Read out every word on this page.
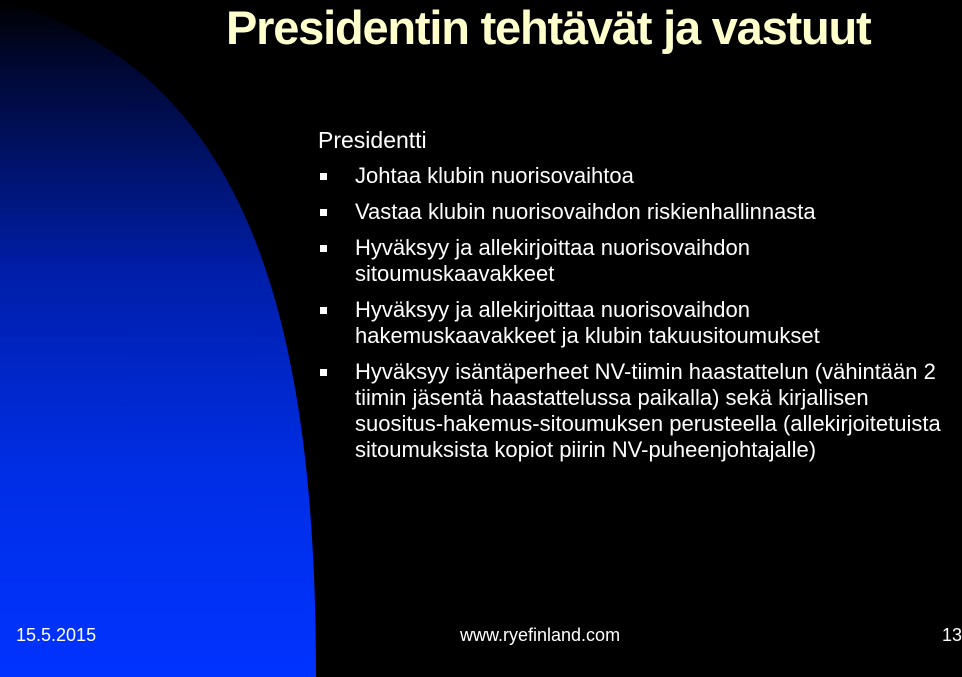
Presidentin tehtävät ja vastuut
Presidentti
Johtaa klubin nuorisovaihtoa
Vastaa klubin nuorisovaihdon riskienhallinnasta
Hyväksyy ja allekirjoittaa nuorisovaihdon sitoumuskaavakkeet
Hyväksyy ja allekirjoittaa nuorisovaihdon hakemuskaavakkeet ja klubin takuusitoumukset
Hyväksyy isäntäperheet NV-tiimin haastattelun (vähintään 2 tiimin jäsentä haastattelussa paikalla) sekä kirjallisen suositus-hakemus-sitoumuksen perusteella (allekirjoitetuista sitoumuksista kopiot piirin NV-puheenjohtajalle)
15.5.2015	www.ryefinland.com	13
